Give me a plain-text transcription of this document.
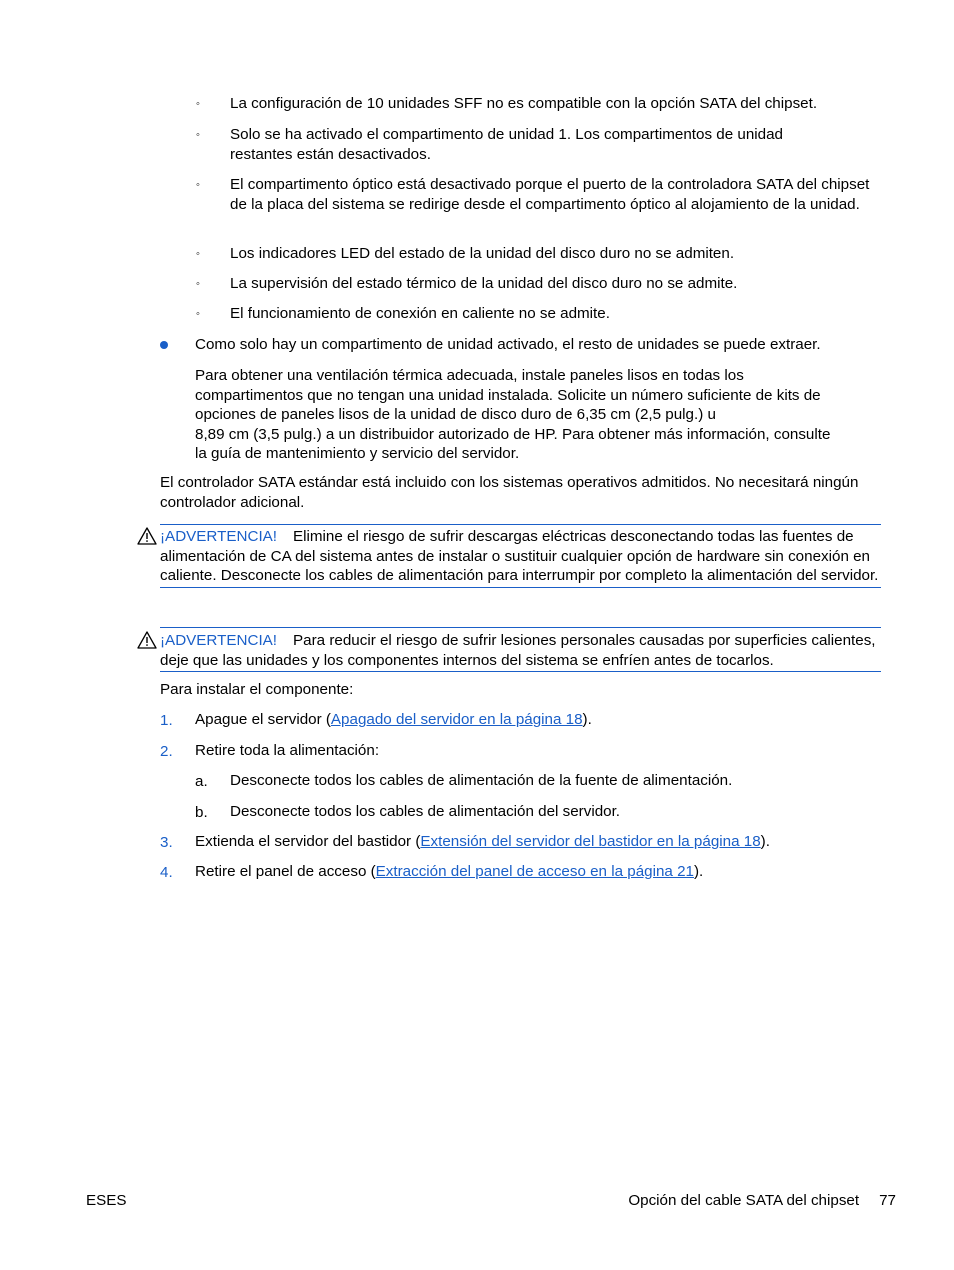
◦ La configuración de 10 unidades SFF no es compatible con la opción SATA del chipset.
◦ Solo se ha activado el compartimento de unidad 1. Los compartimentos de unidad restantes están desactivados.
◦ El compartimento óptico está desactivado porque el puerto de la controladora SATA del chipset de la placa del sistema se redirige desde el compartimento óptico al alojamiento de la unidad.
◦ Los indicadores LED del estado de la unidad del disco duro no se admiten.
◦ La supervisión del estado térmico de la unidad del disco duro no se admite.
◦ El funcionamiento de conexión en caliente no se admite.
Como solo hay un compartimento de unidad activado, el resto de unidades se puede extraer.
Para obtener una ventilación térmica adecuada, instale paneles lisos en todas los
compartimentos que no tengan una unidad instalada. Solicite un número suficiente de kits de
opciones de paneles lisos de la unidad de disco duro de 6,35 cm (2,5 pulg.) u
8,89 cm (3,5 pulg.) a un distribuidor autorizado de HP. Para obtener más información, consulte
la guía de mantenimiento y servicio del servidor.
El controlador SATA estándar está incluido con los sistemas operativos admitidos. No necesitará ningún controlador adicional.
¡ADVERTENCIA! Elimine el riesgo de sufrir descargas eléctricas desconectando todas las fuentes de alimentación de CA del sistema antes de instalar o sustituir cualquier opción de hardware sin conexión en caliente. Desconecte los cables de alimentación para interrumpir por completo la alimentación del servidor.
¡ADVERTENCIA! Para reducir el riesgo de sufrir lesiones personales causadas por superficies calientes, deje que las unidades y los componentes internos del sistema se enfríen antes de tocarlos.
Para instalar el componente:
1. Apague el servidor (Apagado del servidor en la página 18).
2. Retire toda la alimentación:
a. Desconecte todos los cables de alimentación de la fuente de alimentación.
b. Desconecte todos los cables de alimentación del servidor.
3. Extienda el servidor del bastidor (Extensión del servidor del bastidor en la página 18).
4. Retire el panel de acceso (Extracción del panel de acceso en la página 21).
ESES	Opción del cable SATA del chipset 77
